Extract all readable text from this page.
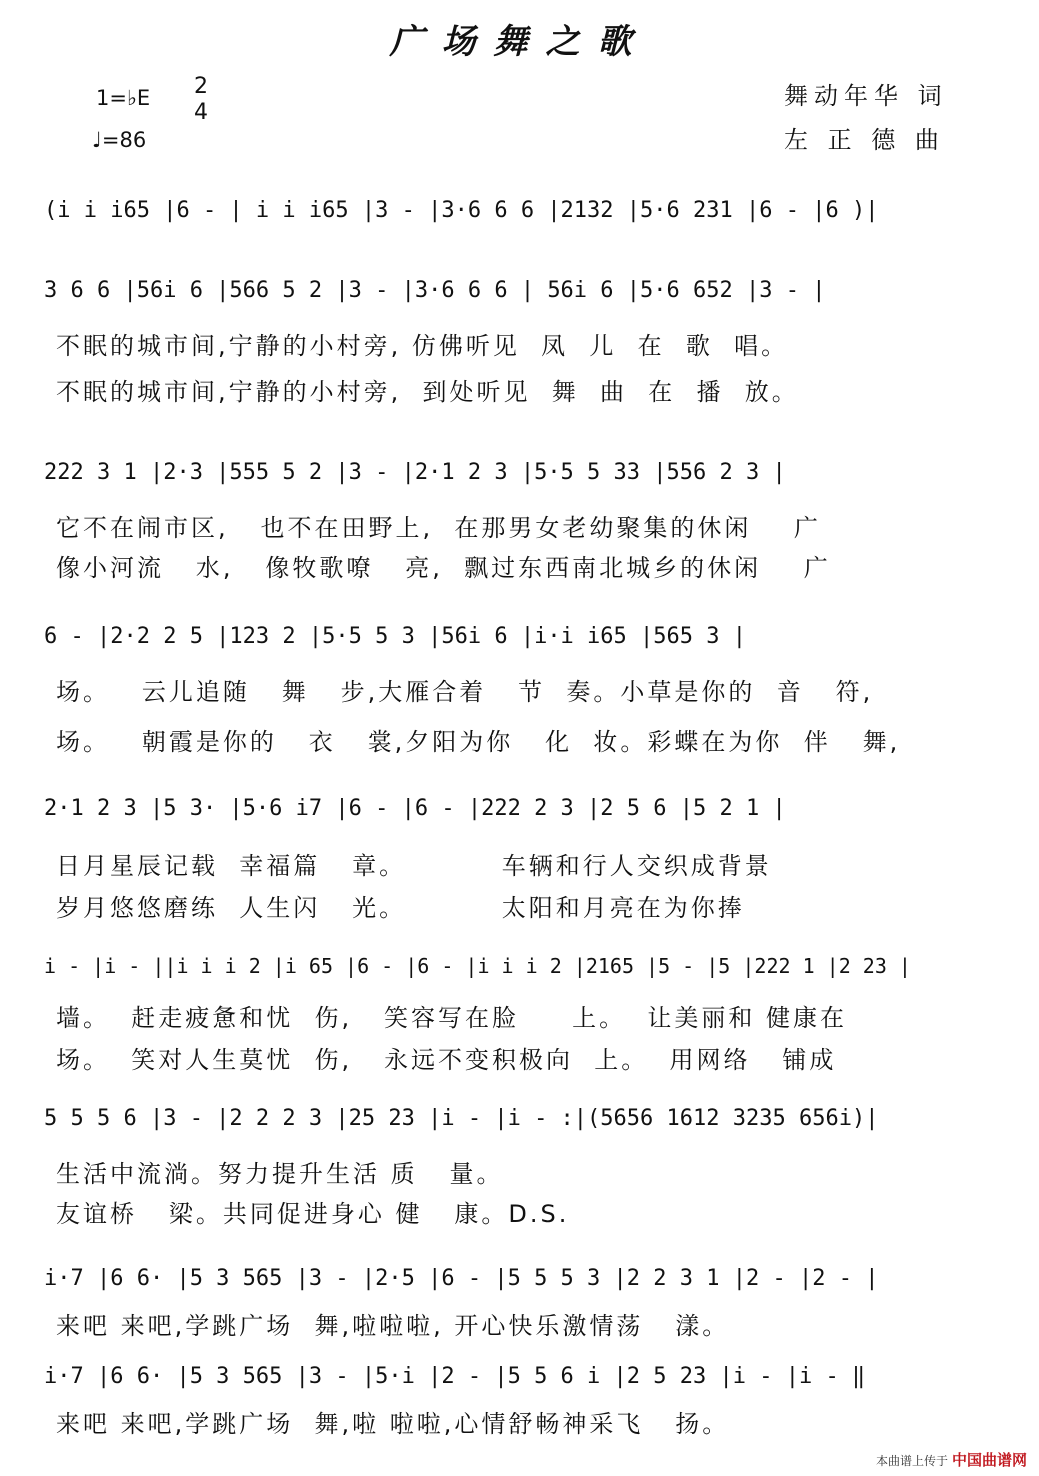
广场舞之歌
1=♭E 2
4
♩=86
舞动年华 词
左 正 德 曲
(i i i65 |6 - | i i i65 |3 - |3·6 6 6 |2132 |5·6 231 |6 - |6 )|
3 6 6 |56i 6 |566 5 2 |3 - |3·6 6 6 | 56i 6 |5·6 652 |3 - |
不眠的城市间,宁静的小村旁, 仿佛听见  凤  儿  在  歌  唱。
不眠的城市间,宁静的小村旁,  到处听见  舞  曲  在  播  放。
222 3 1 |2·3 |555 5 2 |3 - |2·1 2 3 |5·5 5 33 |556 2 3 |
它不在闹市区,   也不在田野上,  在那男女老幼聚集的休闲    广
像小河流   水,   像牧歌嘹   亮,  飘过东西南北城乡的休闲    广
6 - |2·2 2 5 |123 2 |5·5 5 3 |56i 6 |i·i i65 |565 3 |
场。   云儿追随   舞   步,大雁合着   节  奏。小草是你的  音   符,
场。   朝霞是你的   衣   裳,夕阳为你   化  妆。彩蝶在为你  伴   舞,
2·1 2 3 |5 3· |5·6 i7 |6 - |6 - |222 2 3 |2 5 6 |5 2 1 |
日月星辰记载  幸福篇   章。         车辆和行人交织成背景
岁月悠悠磨练  人生闪   光。         太阳和月亮在为你捧
i - |i - ||i i i 2 |i 65 |6 - |6 - |i i i 2 |2165 |5 - |5 |222 1 |2 23 |
墙。  赶走疲惫和忧  伤,   笑容写在脸     上。  让美丽和 健康在
场。  笑对人生莫忧  伤,   永远不变积极向  上。  用网络   铺成
5 5 5 6 |3 - |2 2 2 3 |25 23 |i - |i - :|(5656 1612 3235 656i)|
生活中流淌。努力提升生活 质   量。
友谊桥   梁。共同促进身心 健   康。D.S.
i·7 |6 6· |5 3 565 |3 - |2·5 |6 - |5 5 5 3 |2 2 3 1 |2 - |2 - |
来吧 来吧,学跳广场  舞,啦啦啦, 开心快乐激情荡   漾。
i·7 |6 6· |5 3 565 |3 - |5·i |2 - |5 5 6 i |2 5 23 |i - |i - ‖
来吧 来吧,学跳广场  舞,啦 啦啦,心情舒畅神采飞   扬。
本曲谱上传于 中国曲谱网
